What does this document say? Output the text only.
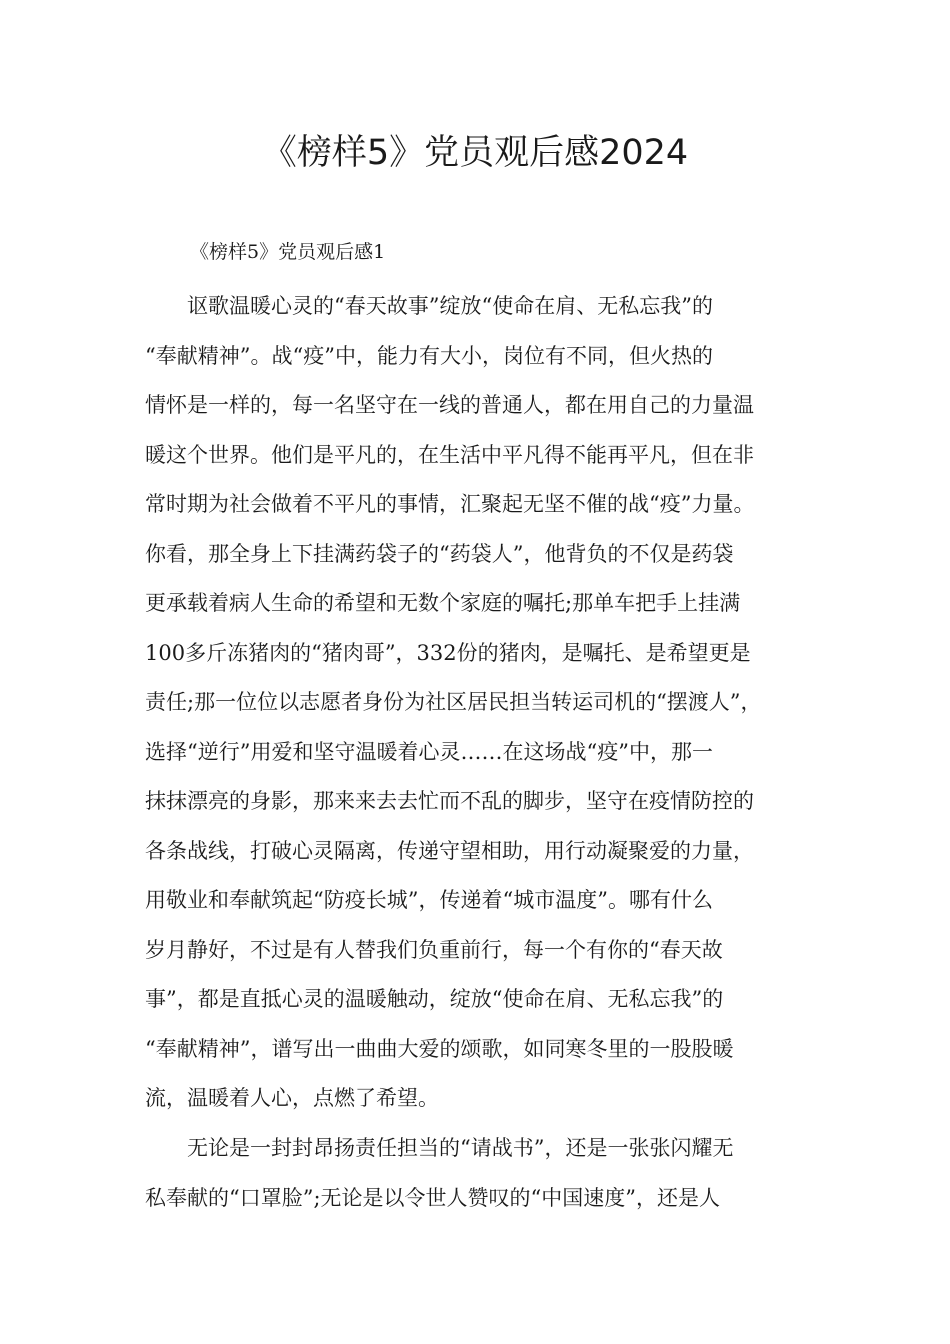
《榜样5》党员观后感2024

《榜样5》党员观后感1

　　讴歌温暖心灵的“春天故事”绽放“使命在肩、无私忘我”的
“奉献精神”。战“疫”中，能力有大小，岗位有不同，但火热的
情怀是一样的，每一名坚守在一线的普通人，都在用自己的力量温
暖这个世界。他们是平凡的，在生活中平凡得不能再平凡，但在非
常时期为社会做着不平凡的事情，汇聚起无坚不催的战“疫”力量。
你看，那全身上下挂满药袋子的“药袋人”，他背负的不仅是药袋
更承载着病人生命的希望和无数个家庭的嘱托;那单车把手上挂满
100多斤冻猪肉的“猪肉哥”，332份的猪肉，是嘱托、是希望更是
责任;那一位位以志愿者身份为社区居民担当转运司机的“摆渡人”，
选择“逆行”用爱和坚守温暖着心灵……在这场战“疫”中，那一
抹抹漂亮的身影，那来来去去忙而不乱的脚步，坚守在疫情防控的
各条战线，打破心灵隔离，传递守望相助，用行动凝聚爱的力量，
用敬业和奉献筑起“防疫长城”，传递着“城市温度”。哪有什么
岁月静好，不过是有人替我们负重前行，每一个有你的“春天故
事”，都是直抵心灵的温暖触动，绽放“使命在肩、无私忘我”的
“奉献精神”，谱写出一曲曲大爱的颂歌，如同寒冬里的一股股暖
流，温暖着人心，点燃了希望。

　　无论是一封封昂扬责任担当的“请战书”，还是一张张闪耀无
私奉献的“口罩脸”;无论是以令世人赞叹的“中国速度”，还是人
